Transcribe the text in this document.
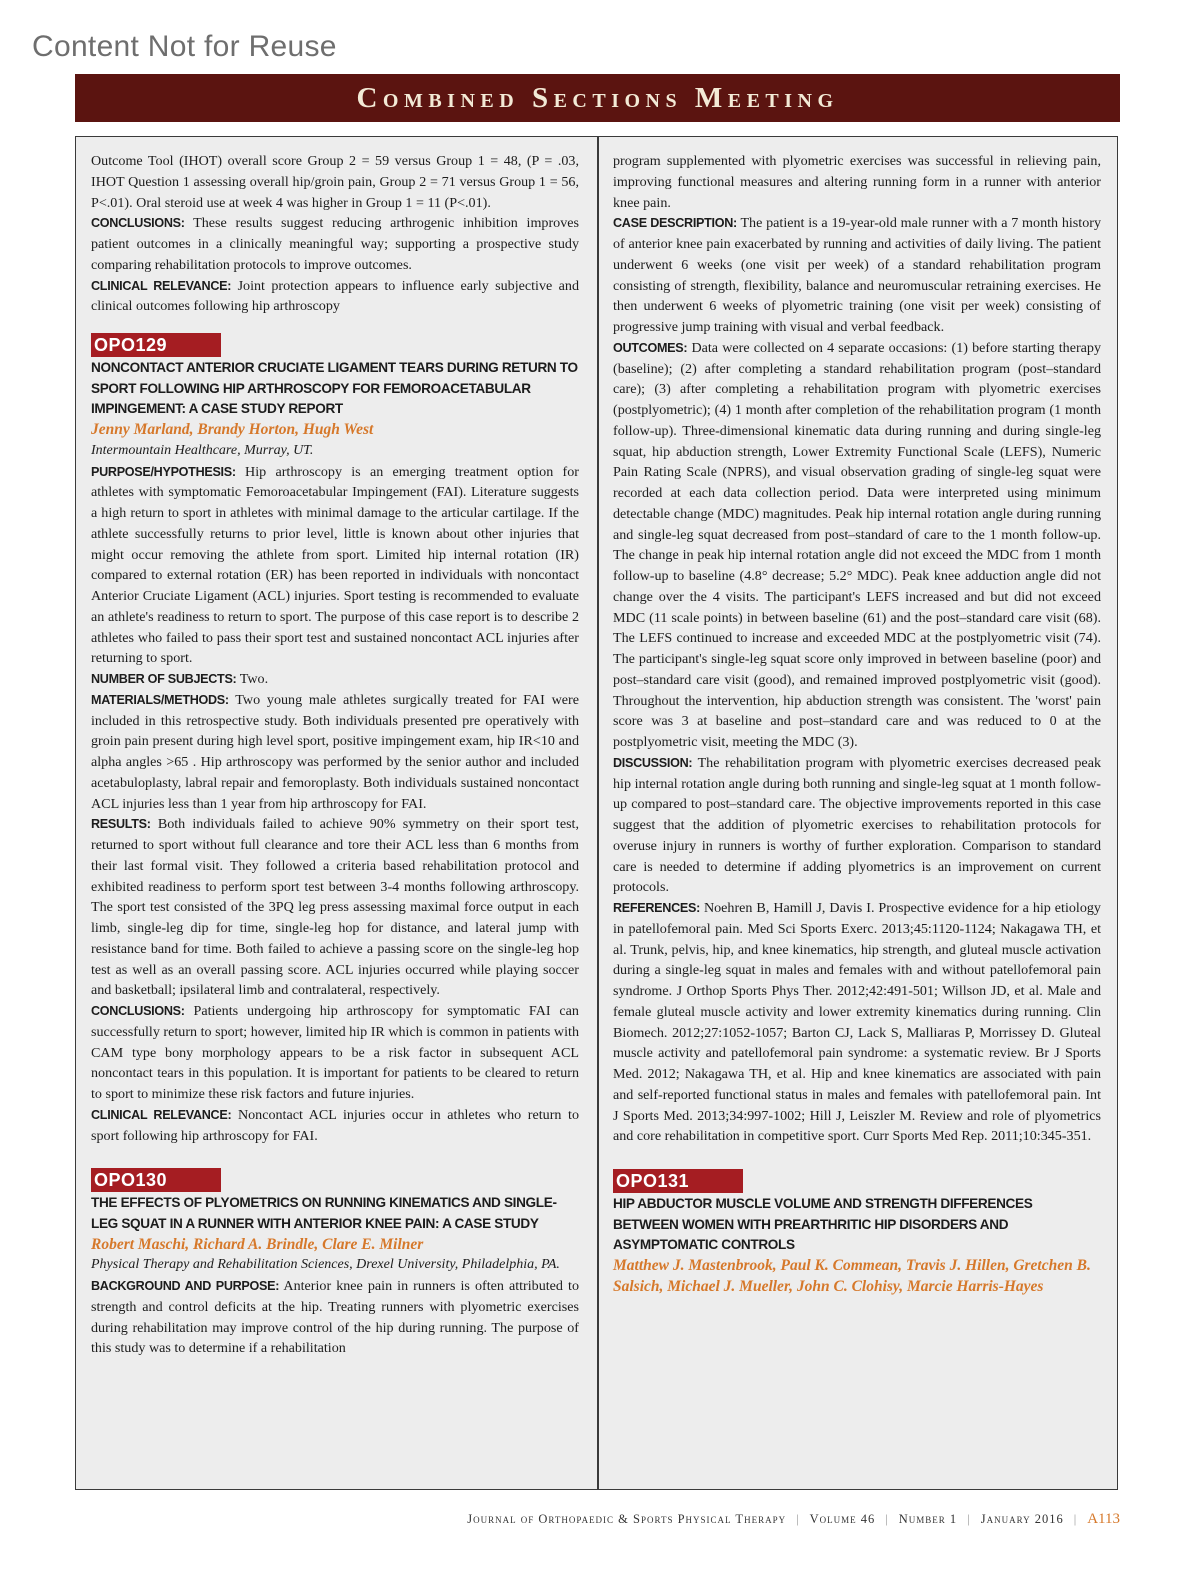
Content Not for Reuse
Combined Sections Meeting

Outcome Tool (IHOT) overall score Group 2 = 59 versus Group 1 = 48, (P = .03, IHOT Question 1 assessing overall hip/groin pain, Group 2 = 71 versus Group 1 = 56, P<.01). Oral steroid use at week 4 was higher in Group 1 = 11 (P<.01).

CONCLUSIONS: These results suggest reducing arthrogenic inhibition improves patient outcomes in a clinically meaningful way; supporting a prospective study comparing rehabilitation protocols to improve outcomes.

CLINICAL RELEVANCE: Joint protection appears to influence early subjective and clinical outcomes following hip arthroscopy

OPO129

NONCONTACT ANTERIOR CRUCIATE LIGAMENT TEARS DURING RETURN TO SPORT FOLLOWING HIP ARTHROSCOPY FOR FEMOROACETABULAR IMPINGEMENT: A CASE STUDY REPORT

Jenny Marland, Brandy Horton, Hugh West

Intermountain Healthcare, Murray, UT.

PURPOSE/HYPOTHESIS: Hip arthroscopy is an emerging treatment option for athletes with symptomatic Femoroacetabular Impingement (FAI). Literature suggests a high return to sport in athletes with minimal damage to the articular cartilage. If the athlete successfully returns to prior level, little is known about other injuries that might occur removing the athlete from sport. Limited hip internal rotation (IR) compared to external rotation (ER) has been reported in individuals with noncontact Anterior Cruciate Ligament (ACL) injuries. Sport testing is recommended to evaluate an athlete's readiness to return to sport. The purpose of this case report is to describe 2 athletes who failed to pass their sport test and sustained noncontact ACL injuries after returning to sport.

NUMBER OF SUBJECTS: Two.

MATERIALS/METHODS: Two young male athletes surgically treated for FAI were included in this retrospective study. Both individuals presented pre operatively with groin pain present during high level sport, positive impingement exam, hip IR<10 and alpha angles >65 . Hip arthroscopy was performed by the senior author and included acetabuloplasty, labral repair and femoroplasty. Both individuals sustained noncontact ACL injuries less than 1 year from hip arthroscopy for FAI.

RESULTS: Both individuals failed to achieve 90% symmetry on their sport test, returned to sport without full clearance and tore their ACL less than 6 months from their last formal visit. They followed a criteria based rehabilitation protocol and exhibited readiness to perform sport test between 3-4 months following arthroscopy. The sport test consisted of the 3PQ leg press assessing maximal force output in each limb, single-leg dip for time, single-leg hop for distance, and lateral jump with resistance band for time. Both failed to achieve a passing score on the single-leg hop test as well as an overall passing score. ACL injuries occurred while playing soccer and basketball; ipsilateral limb and contralateral, respectively.

CONCLUSIONS: Patients undergoing hip arthroscopy for symptomatic FAI can successfully return to sport; however, limited hip IR which is common in patients with CAM type bony morphology appears to be a risk factor in subsequent ACL noncontact tears in this population. It is important for patients to be cleared to return to sport to minimize these risk factors and future injuries.

CLINICAL RELEVANCE: Noncontact ACL injuries occur in athletes who return to sport following hip arthroscopy for FAI.

OPO130

THE EFFECTS OF PLYOMETRICS ON RUNNING KINEMATICS AND SINGLE-LEG SQUAT IN A RUNNER WITH ANTERIOR KNEE PAIN: A CASE STUDY

Robert Maschi, Richard A. Brindle, Clare E. Milner

Physical Therapy and Rehabilitation Sciences, Drexel University, Philadelphia, PA.

BACKGROUND AND PURPOSE: Anterior knee pain in runners is often attributed to strength and control deficits at the hip. Treating runners with plyometric exercises during rehabilitation may improve control of the hip during running. The purpose of this study was to determine if a rehabilitation

program supplemented with plyometric exercises was successful in relieving pain, improving functional measures and altering running form in a runner with anterior knee pain.

CASE DESCRIPTION: The patient is a 19-year-old male runner with a 7 month history of anterior knee pain exacerbated by running and activities of daily living. The patient underwent 6 weeks (one visit per week) of a standard rehabilitation program consisting of strength, flexibility, balance and neuromuscular retraining exercises. He then underwent 6 weeks of plyometric training (one visit per week) consisting of progressive jump training with visual and verbal feedback.

OUTCOMES: Data were collected on 4 separate occasions: (1) before starting therapy (baseline); (2) after completing a standard rehabilitation program (post–standard care); (3) after completing a rehabilitation program with plyometric exercises (postplyometric); (4) 1 month after completion of the rehabilitation program (1 month follow-up). Three-dimensional kinematic data during running and during single-leg squat, hip abduction strength, Lower Extremity Functional Scale (LEFS), Numeric Pain Rating Scale (NPRS), and visual observation grading of single-leg squat were recorded at each data collection period. Data were interpreted using minimum detectable change (MDC) magnitudes. Peak hip internal rotation angle during running and single-leg squat decreased from post–standard of care to the 1 month follow-up. The change in peak hip internal rotation angle did not exceed the MDC from 1 month follow-up to baseline (4.8° decrease; 5.2° MDC). Peak knee adduction angle did not change over the 4 visits. The participant's LEFS increased and but did not exceed MDC (11 scale points) in between baseline (61) and the post–standard care visit (68). The LEFS continued to increase and exceeded MDC at the postplyometric visit (74). The participant's single-leg squat score only improved in between baseline (poor) and post–standard care visit (good), and remained improved postplyometric visit (good). Throughout the intervention, hip abduction strength was consistent. The 'worst' pain score was 3 at baseline and post–standard care and was reduced to 0 at the postplyometric visit, meeting the MDC (3).

DISCUSSION: The rehabilitation program with plyometric exercises decreased peak hip internal rotation angle during both running and single-leg squat at 1 month follow-up compared to post–standard care. The objective improvements reported in this case suggest that the addition of plyometric exercises to rehabilitation protocols for overuse injury in runners is worthy of further exploration. Comparison to standard care is needed to determine if adding plyometrics is an improvement on current protocols.

REFERENCES: Noehren B, Hamill J, Davis I. Prospective evidence for a hip etiology in patellofemoral pain. Med Sci Sports Exerc. 2013;45:1120-1124; Nakagawa TH, et al. Trunk, pelvis, hip, and knee kinematics, hip strength, and gluteal muscle activation during a single-leg squat in males and females with and without patellofemoral pain syndrome. J Orthop Sports Phys Ther. 2012;42:491-501; Willson JD, et al. Male and female gluteal muscle activity and lower extremity kinematics during running. Clin Biomech. 2012;27:1052-1057; Barton CJ, Lack S, Malliaras P, Morrissey D. Gluteal muscle activity and patellofemoral pain syndrome: a systematic review. Br J Sports Med. 2012; Nakagawa TH, et al. Hip and knee kinematics are associated with pain and self-reported functional status in males and females with patellofemoral pain. Int J Sports Med. 2013;34:997-1002; Hill J, Leiszler M. Review and role of plyometrics and core rehabilitation in competitive sport. Curr Sports Med Rep. 2011;10:345-351.

OPO131

HIP ABDUCTOR MUSCLE VOLUME AND STRENGTH DIFFERENCES BETWEEN WOMEN WITH PREARTHRITIC HIP DISORDERS AND ASYMPTOMATIC CONTROLS

Matthew J. Mastenbrook, Paul K. Commean, Travis J. Hillen, Gretchen B. Salsich, Michael J. Mueller, John C. Clohisy, Marcie Harris-Hayes

Journal of Orthopaedic & Sports Physical Therapy | Volume 46 | Number 1 | January 2016 | A113
